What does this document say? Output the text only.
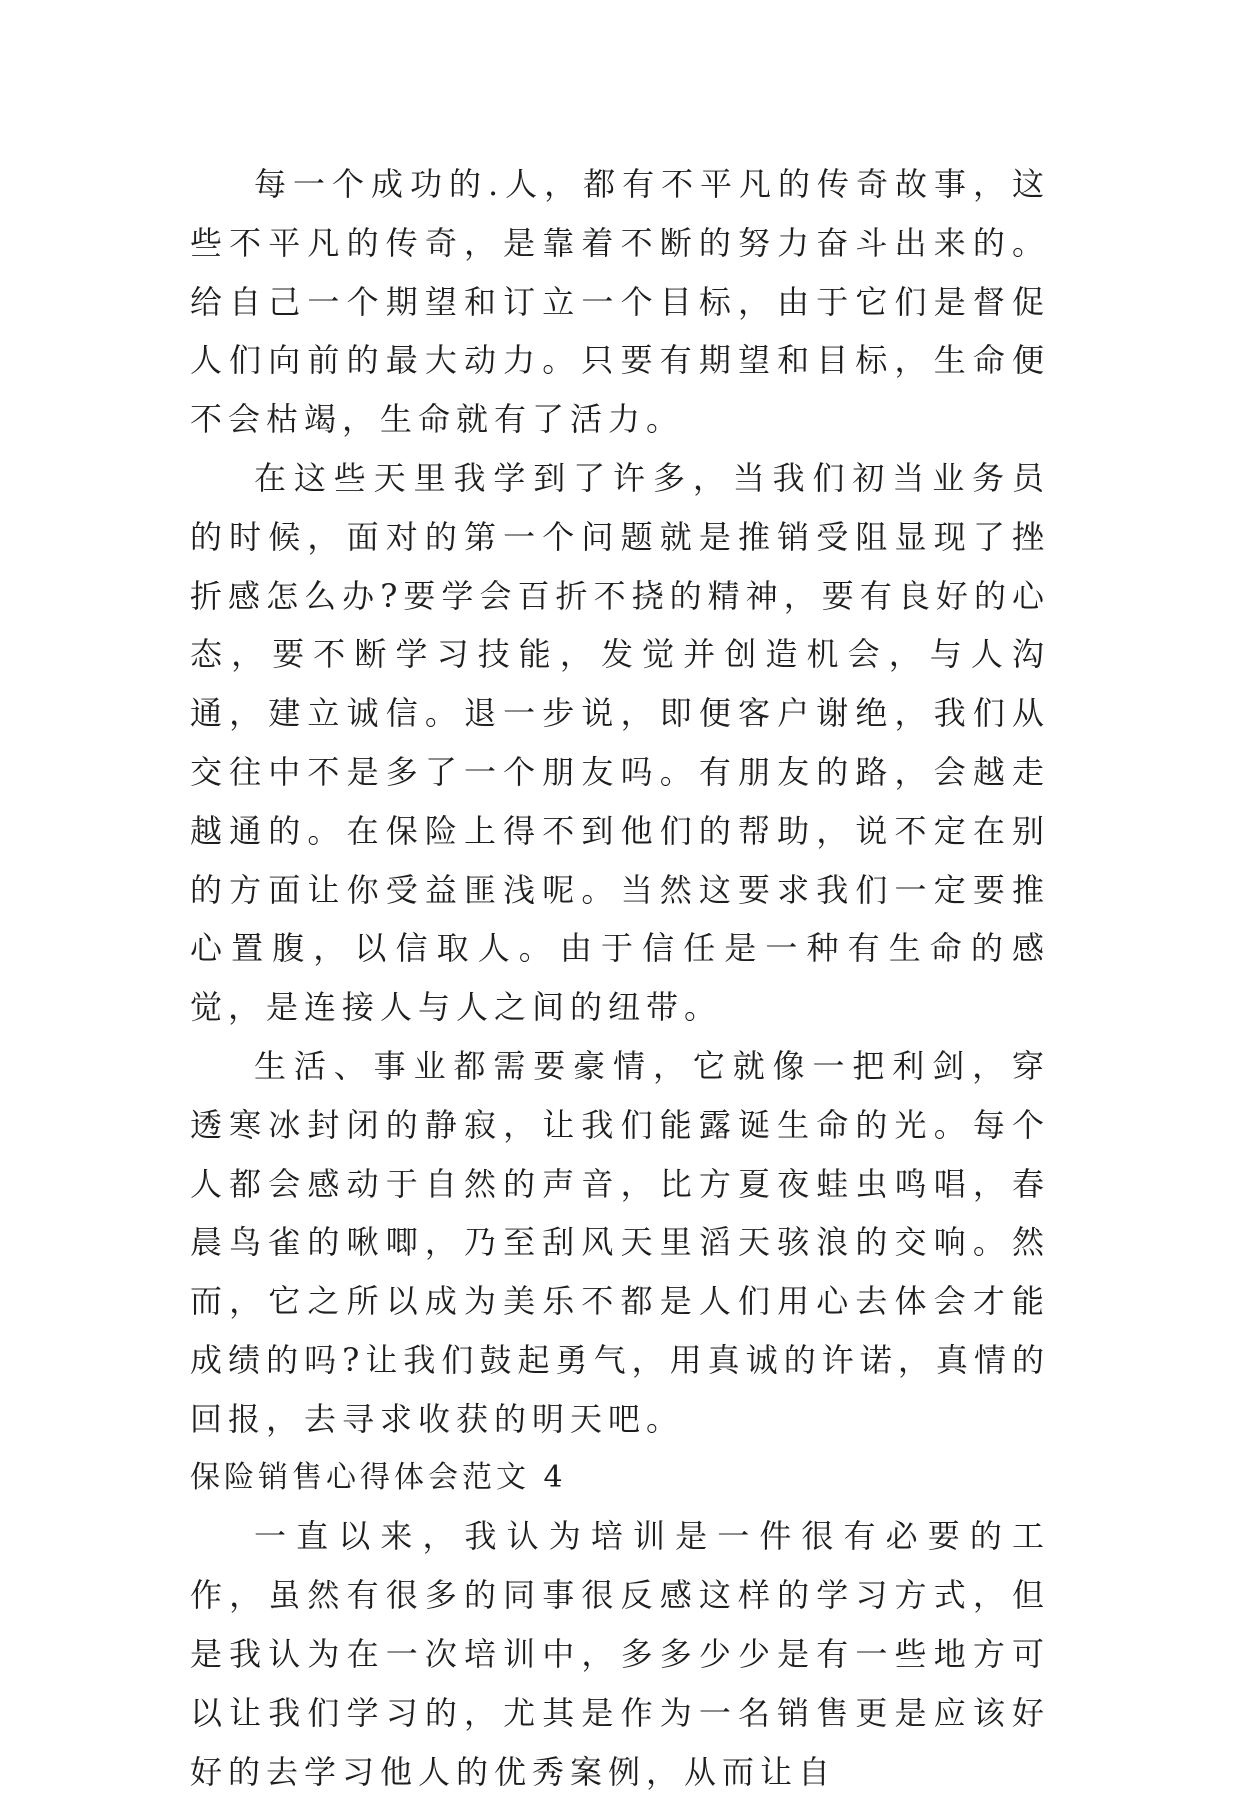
每一个成功的.人，都有不平凡的传奇故事，这些不平凡的传奇，是靠着不断的努力奋斗出来的。给自己一个期望和订立一个目标，由于它们是督促人们向前的最大动力。只要有期望和目标，生命便不会枯竭，生命就有了活力。

在这些天里我学到了许多，当我们初当业务员的时候，面对的第一个问题就是推销受阻显现了挫折感怎么办?要学会百折不挠的精神，要有良好的心态，要不断学习技能，发觉并创造机会，与人沟通，建立诚信。退一步说，即便客户谢绝，我们从交往中不是多了一个朋友吗。有朋友的路，会越走越通的。在保险上得不到他们的帮助，说不定在别的方面让你受益匪浅呢。当然这要求我们一定要推心置腹，以信取人。由于信任是一种有生命的感觉，是连接人与人之间的纽带。

生活、事业都需要豪情，它就像一把利剑，穿透寒冰封闭的静寂，让我们能露诞生命的光。每个人都会感动于自然的声音，比方夏夜蛙虫鸣唱，春晨鸟雀的啾唧，乃至刮风天里滔天骇浪的交响。然而，它之所以成为美乐不都是人们用心去体会才能成绩的吗?让我们鼓起勇气，用真诚的许诺，真情的回报，去寻求收获的明天吧。

保险销售心得体会范文 4

一直以来，我认为培训是一件很有必要的工作，虽然有很多的同事很反感这样的学习方式，但是我认为在一次培训中，多多少少是有一些地方可以让我们学习的，尤其是作为一名销售更是应该好好的去学习他人的优秀案例，从而让自
